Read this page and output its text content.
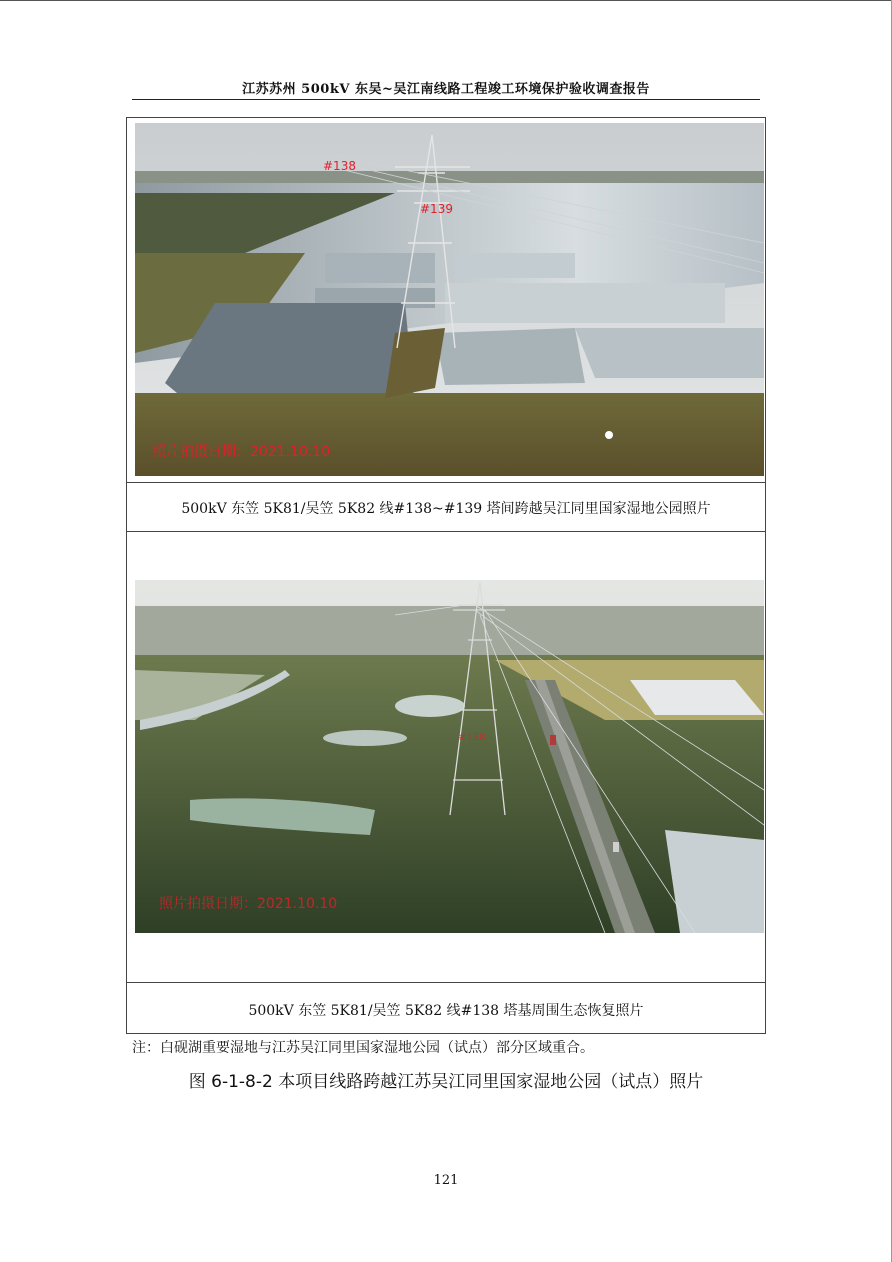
江苏苏州 500kV 东吴~吴江南线路工程竣工环境保护验收调查报告
#138
#139
照片拍摄日期：2021.10.10
500kV 东笠 5K81/吴笠 5K82 线#138~#139 塔间跨越吴江同里国家湿地公园照片
#138
照片拍摄日期：2021.10.10
500kV 东笠 5K81/吴笠 5K82 线#138 塔基周围生态恢复照片
注：白砚湖重要湿地与江苏吴江同里国家湿地公园（试点）部分区域重合。
图 6-1-8-2 本项目线路跨越江苏吴江同里国家湿地公园（试点）照片
121
